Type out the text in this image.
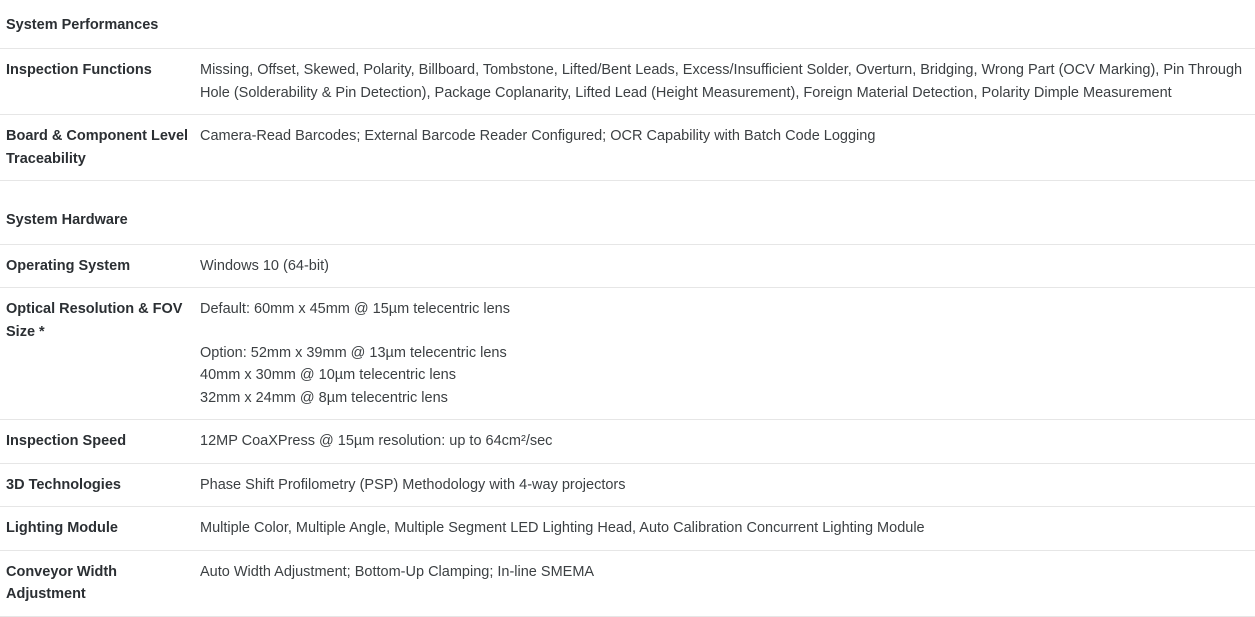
System Performances	
Inspection Functions	Missing, Offset, Skewed, Polarity, Billboard, Tombstone, Lifted/Bent Leads, Excess/Insufficient Solder, Overturn, Bridging, Wrong Part (OCV Marking), Pin Through Hole (Solderability & Pin Detection), Package Coplanarity, Lifted Lead (Height Measurement), Foreign Material Detection, Polarity Dimple Measurement
Board & Component Level Traceability	Camera-Read Barcodes; External Barcode Reader Configured; OCR Capability with Batch Code Logging

System Hardware	
Operating System	Windows 10 (64-bit)
Optical Resolution & FOV Size *	Default: 60mm x 45mm @ 15µm telecentric lens
Option: 52mm x 39mm @ 13µm telecentric lens
40mm x 30mm @ 10µm telecentric lens
32mm x 24mm @ 8µm telecentric lens

Inspection Speed	12MP CoaXPress @ 15µm resolution: up to 64cm²/sec
3D Technologies	Phase Shift Profilometry (PSP) Methodology with 4-way projectors
Lighting Module	Multiple Color, Multiple Angle, Multiple Segment LED Lighting Head, Auto Calibration Concurrent Lighting Module
Conveyor Width Adjustment	Auto Width Adjustment; Bottom-Up Clamping; In-line SMEMA
